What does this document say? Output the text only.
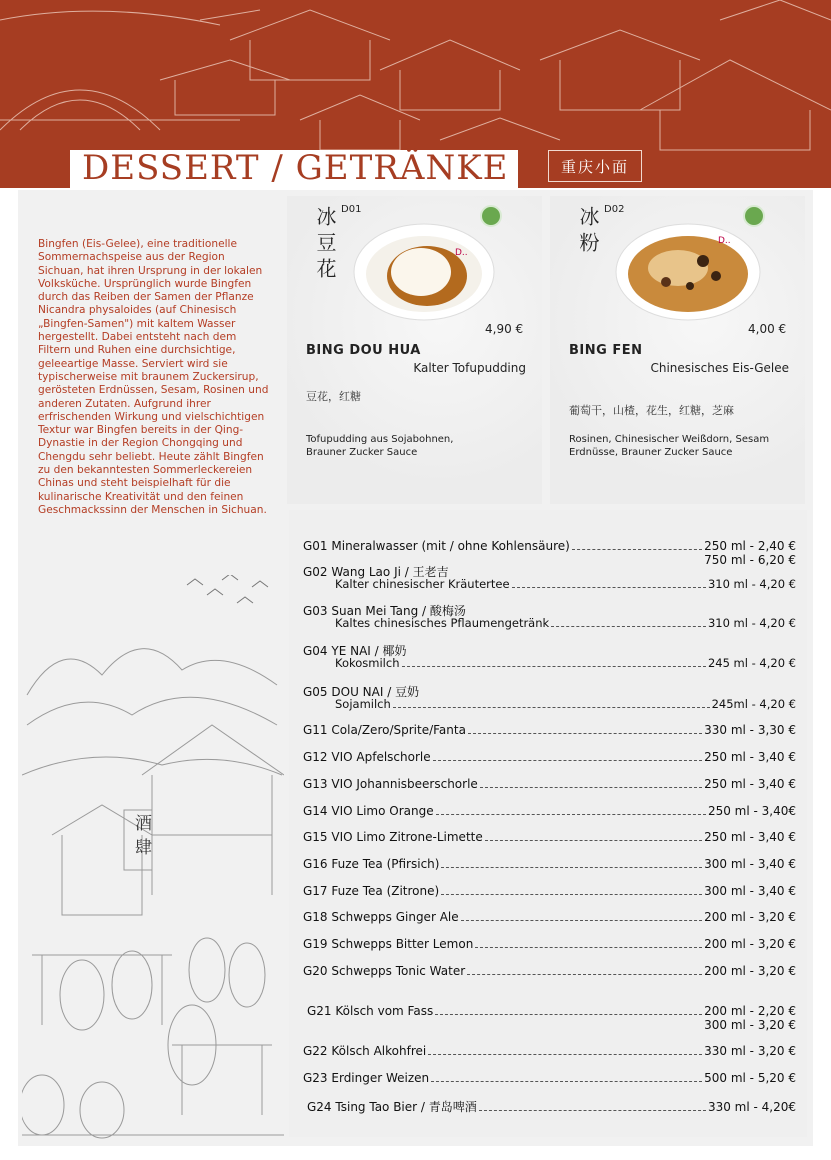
DESSERT / GETRÄNKE	重庆小面
Bingfen (Eis-Gelee), eine traditionelle Sommernachspeise aus der Region Sichuan, hat ihren Ursprung in der lokalen Volksküche. Ursprünglich wurde Bingfen durch das Reiben der Samen der Pflanze Nicandra physaloides (auf Chinesisch „Bingfen-Samen") mit kaltem Wasser hergestellt. Dabei entsteht nach dem Filtern und Ruhen eine durchsichtige, geleeartige Masse. Serviert wird sie typischerweise mit braunem Zuckersirup, gerösteten Erdnüssen, Sesam, Rosinen und anderen Zutaten. Aufgrund ihrer erfrischenden Wirkung und vielschichtigen Textur war Bingfen bereits in der Qing-Dynastie in der Region Chongqing und Chengdu sehr beliebt. Heute zählt Bingfen zu den bekanntesten Sommerleckereien Chinas und steht beispielhaft für die kulinarische Kreativität und den feinen Geschmackssinn der Menschen in Sichuan.
酒肆
D01
冰豆花	D..
4,90 €
BING DOU HUA
Kalter Tofupudding
豆花，红糖
Tofupudding aus Sojabohnen,
Brauner Zucker Sauce
D02
冰粉	D..
4,00 €
BING FEN
Chinesisches Eis-Gelee
葡萄干，山楂，花生，红糖，芝麻
Rosinen, Chinesischer Weißdorn, Sesam
Erdnüsse, Brauner Zucker Sauce
G01 Mineralwasser (mit / ohne Kohlensäure)	250 ml - 2,40 €
750 ml - 6,20 €
G02 Wang Lao Ji / 王老吉
Kalter chinesischer Kräutertee	310 ml - 4,20 €
G03 Suan Mei Tang / 酸梅汤
Kaltes chinesisches Pflaumengetränk	310 ml - 4,20 €
G04 YE NAI / 椰奶
Kokosmilch	245 ml - 4,20 €
G05 DOU NAI / 豆奶
Sojamilch	245ml - 4,20 €
G11 Cola/Zero/Sprite/Fanta	330 ml - 3,30 €
G12 VIO Apfelschorle	250 ml - 3,40 €
G13 VIO Johannisbeerschorle	250 ml - 3,40 €
G14 VIO Limo Orange	250 ml - 3,40€
G15 VIO Limo Zitrone-Limette	250 ml - 3,40 €
G16 Fuze Tea (Pfirsich)	300 ml - 3,40 €
G17 Fuze Tea (Zitrone)	300 ml - 3,40 €
G18 Schwepps Ginger Ale	200 ml - 3,20 €
G19 Schwepps Bitter Lemon	200 ml - 3,20 €
G20 Schwepps Tonic Water	200 ml - 3,20 €
G21 Kölsch vom Fass	200 ml - 2,20 €
300 ml - 3,20 €
G22 Kölsch Alkohfrei	330 ml - 3,20 €
G23 Erdinger Weizen	500 ml - 5,20 €
G24 Tsing Tao Bier / 青岛啤酒	330 ml - 4,20€
